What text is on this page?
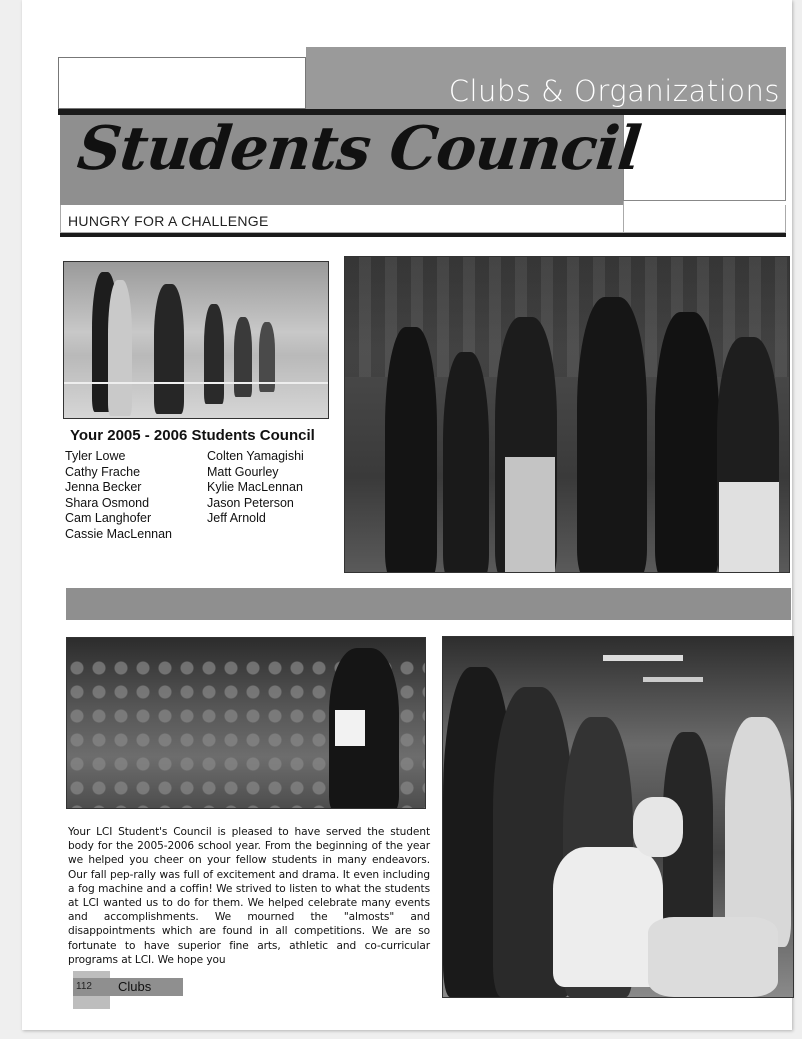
Clubs & Organizations
Students Council
HUNGRY FOR A CHALLENGE
Your 2005 - 2006 Students Council
Tyler Lowe
Cathy Frache
Jenna Becker
Shara Osmond
Cam Langhofer
Cassie MacLennan
Colten Yamagishi
Matt Gourley
Kylie MacLennan
Jason Peterson
Jeff Arnold

Your LCI Student's Council is pleased to have served the student body for the 2005-2006 school year. From the beginning of the year we helped you cheer on your fellow students in many endeavors. Our fall pep-rally was full of excitement and drama. It even including a fog machine and a coffin! We strived to listen to what the students at LCI wanted us to do for them. We helped celebrate many events and accomplishments. We mourned the "almosts" and disappointments which are found in all competitions. We are so fortunate to have superior fine arts, athletic and co-curricular programs at LCI. We hope you

112 Clubs
